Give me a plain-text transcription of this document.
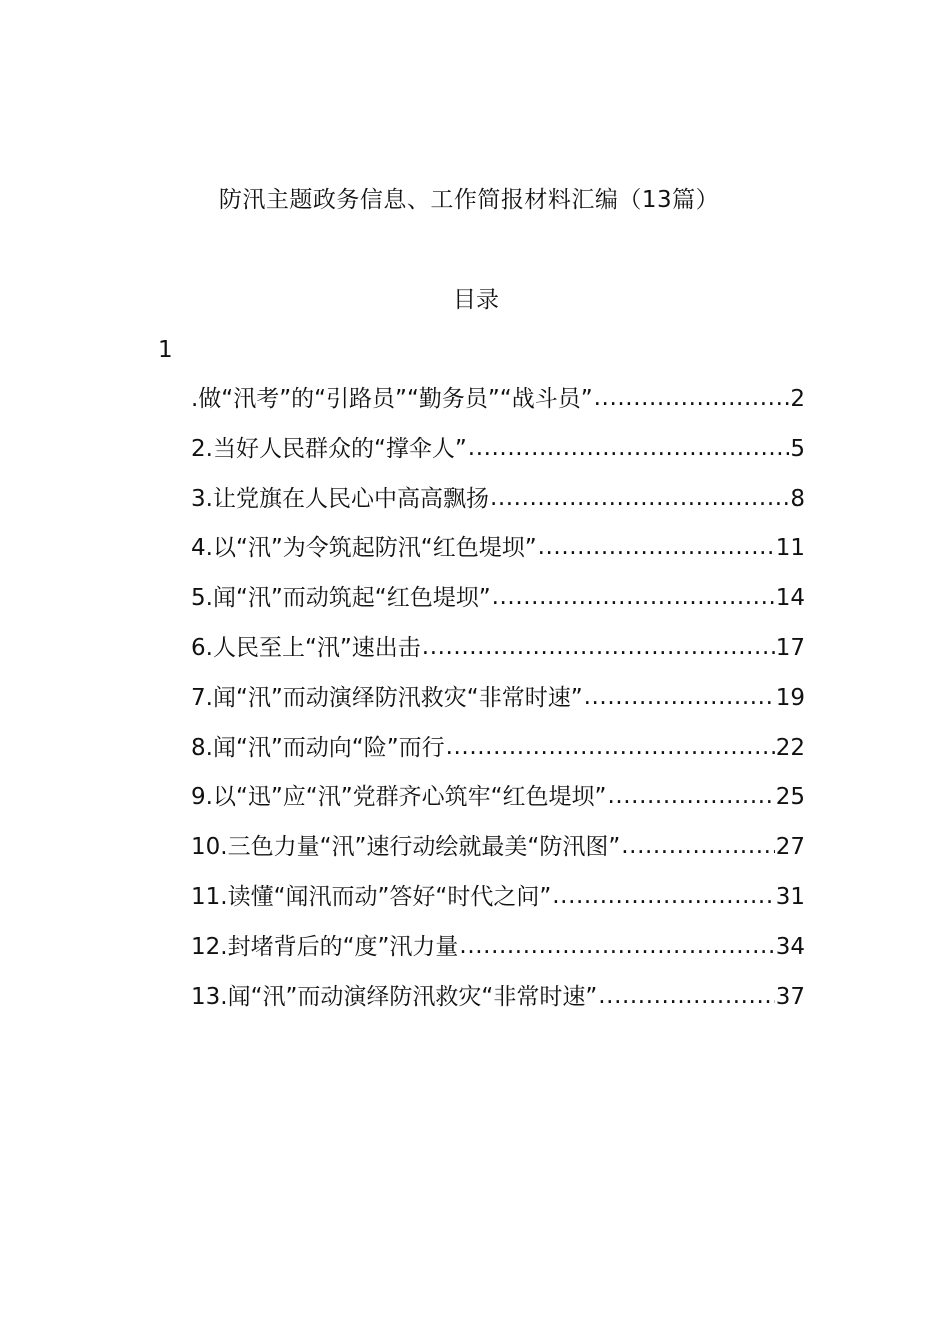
防汛主题政务信息、工作简报材料汇编（13篇）
目录
1
.做“汛考”的“引路员”“勤务员”“战斗员” .....	2
2.当好人民群众的“撑伞人” .....	5
3.让党旗在人民心中高高飘扬 .....	8
4.以“汛”为令筑起防汛“红色堤坝” .....	11
5.闻“汛”而动筑起“红色堤坝” .....	14
6.人民至上“汛”速出击 .....	17
7.闻“汛”而动演绎防汛救灾“非常时速” .....	19
8.闻“汛”而动向“险”而行 .....	22
9.以“迅”应“汛”党群齐心筑牢“红色堤坝” .....	25
10.三色力量“汛”速行动绘就最美“防汛图” .....	27
11.读懂“闻汛而动”答好“时代之问” .....	31
12.封堵背后的“度”汛力量 .....	34
13.闻“汛”而动演绎防汛救灾“非常时速” .....	37
